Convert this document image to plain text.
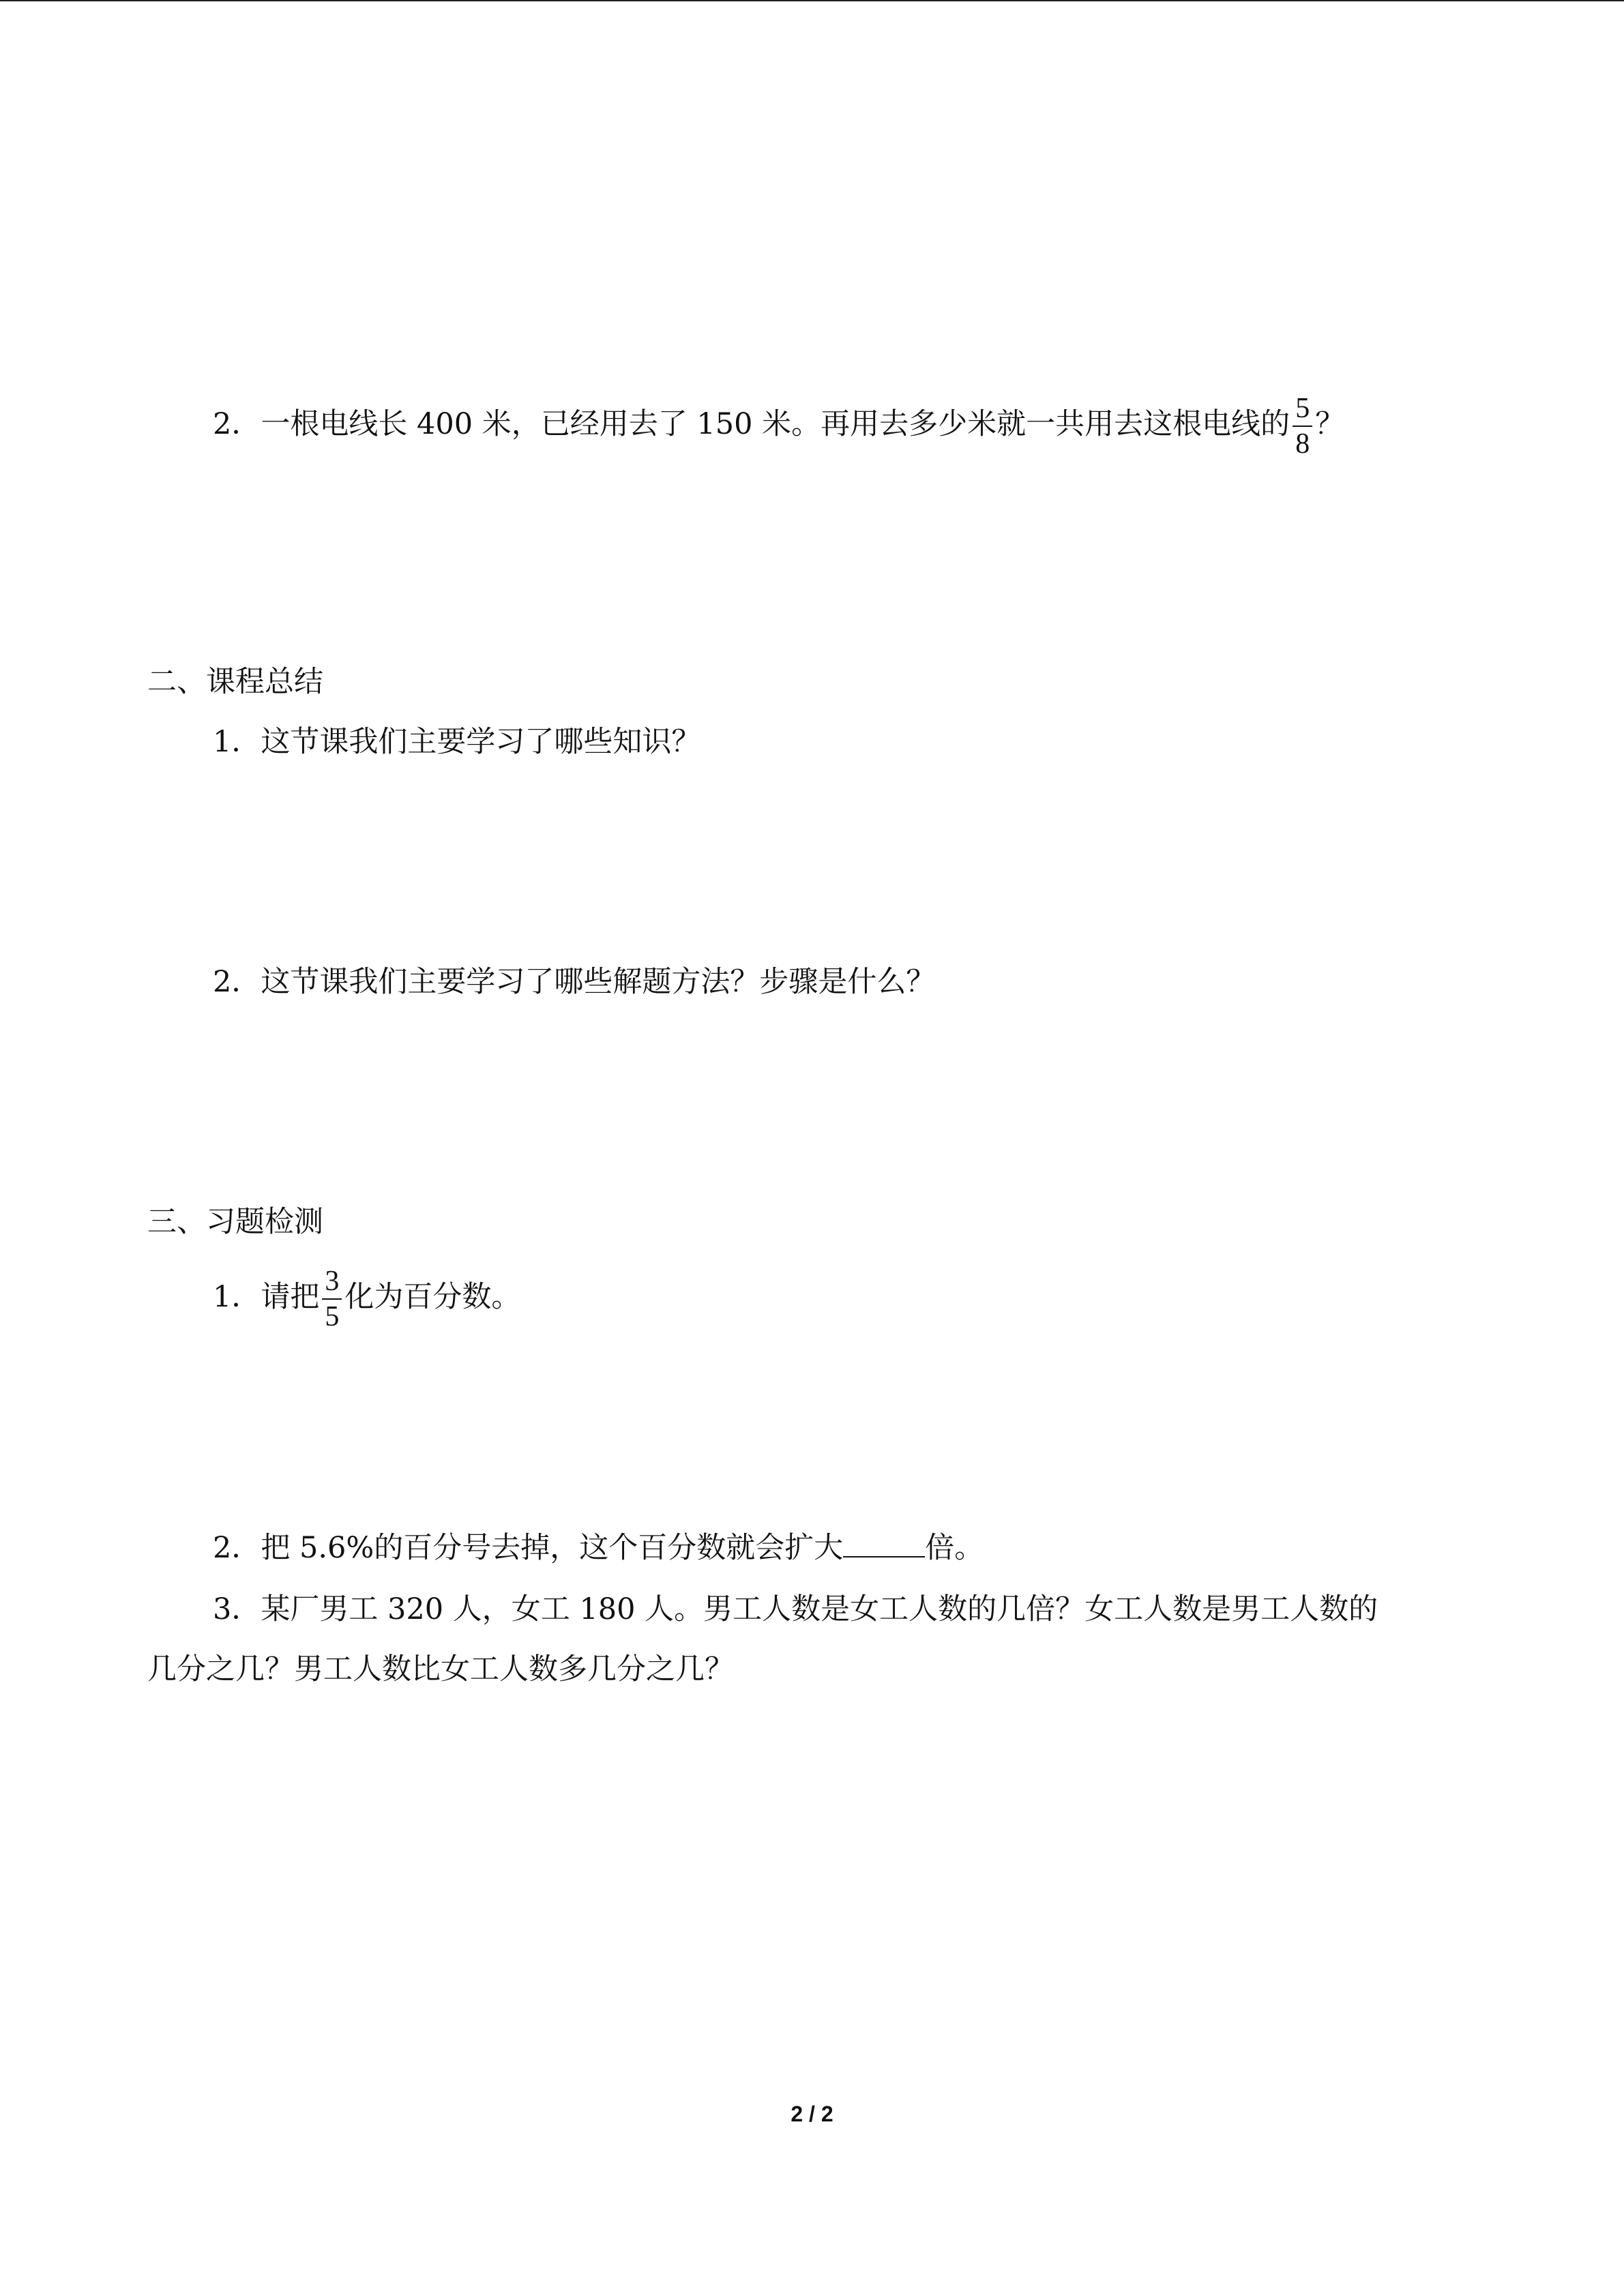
2．一根电线长 400 米，已经用去了 150 米。再用去多少米就一共用去这根电线的 $\frac{5}{8}$ ？
二、课程总结
1．这节课我们主要学习了哪些知识？
2．这节课我们主要学习了哪些解题方法？步骤是什么？
三、习题检测
1．请把 $\frac{3}{5}$ 化为百分数。
2．把 5.6%的百分号去掉，这个百分数就会扩大	倍。
3．某厂男工 320 人，女工 180 人。男工人数是女工人数的几倍？女工人数是男工人数的
几分之几？男工人数比女工人数多几分之几？
2 / 2
